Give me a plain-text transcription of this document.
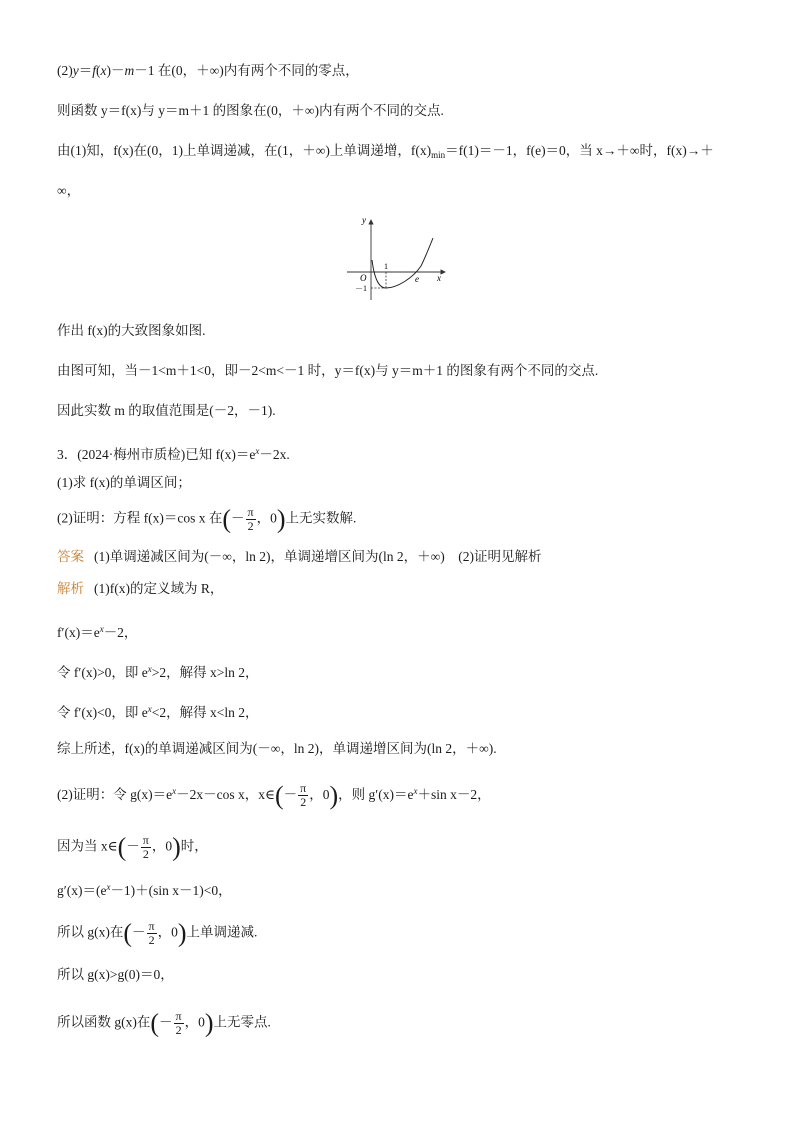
(2)y＝f(x)－m－1 在(0，＋∞)内有两个不同的零点，
则函数 y＝f(x)与 y＝m＋1 的图象在(0，＋∞)内有两个不同的交点.
由(1)知，f(x)在(0，1)上单调递减，在(1，＋∞)上单调递增，$f(x)_{min}=f(1)=-1$，f(e)＝0，当 x→＋∞时，f(x)→＋
∞，
y
x
O
1
－1
e
作出 f(x)的大致图象如图.
由图可知，当－1<m＋1<0，即－2<m<－1 时，y＝f(x)与 y＝m＋1 的图象有两个不同的交点.
因此实数 m 的取值范围是(－2，－1).
3．(2024·梅州市质检)已知 $f(x)=e^x-2x$.
(1)求 f(x)的单调区间；
(2)证明：方程 f(x)＝cos x 在(－ $\frac{\pi}{2}$ ，0)上无实数解.
答案 (1)单调递减区间为(－∞，ln 2)，单调递增区间为(ln 2，＋∞)　(2)证明见解析
解析 (1)f(x)的定义域为 R，
$f'(x)=e^x-2$，
令 f′(x)>0，即 $e^x>2$，解得 x>ln 2，
令 f′(x)<0，即 $e^x<2$，解得 x<ln 2，
综上所述，f(x)的单调递减区间为(－∞，ln 2)，单调递增区间为(ln 2，＋∞).
(2)证明：令 $g(x)=e^x-2x-\cos$ x，x∈(－ $\frac{\pi}{2}$ ，0)，则 $g'(x)=e^x+\sin$ x－2，
因为当 x∈(－ $\frac{\pi}{2}$ ，0)时，
$g'(x)=(e^x-1)+(\sin$ x－1)<0，
所以 g(x)在(－ $\frac{\pi}{2}$ ，0)上单调递减.
所以 g(x)>g(0)＝0，
所以函数 g(x)在(－ $\frac{\pi}{2}$ ，0)上无零点.
